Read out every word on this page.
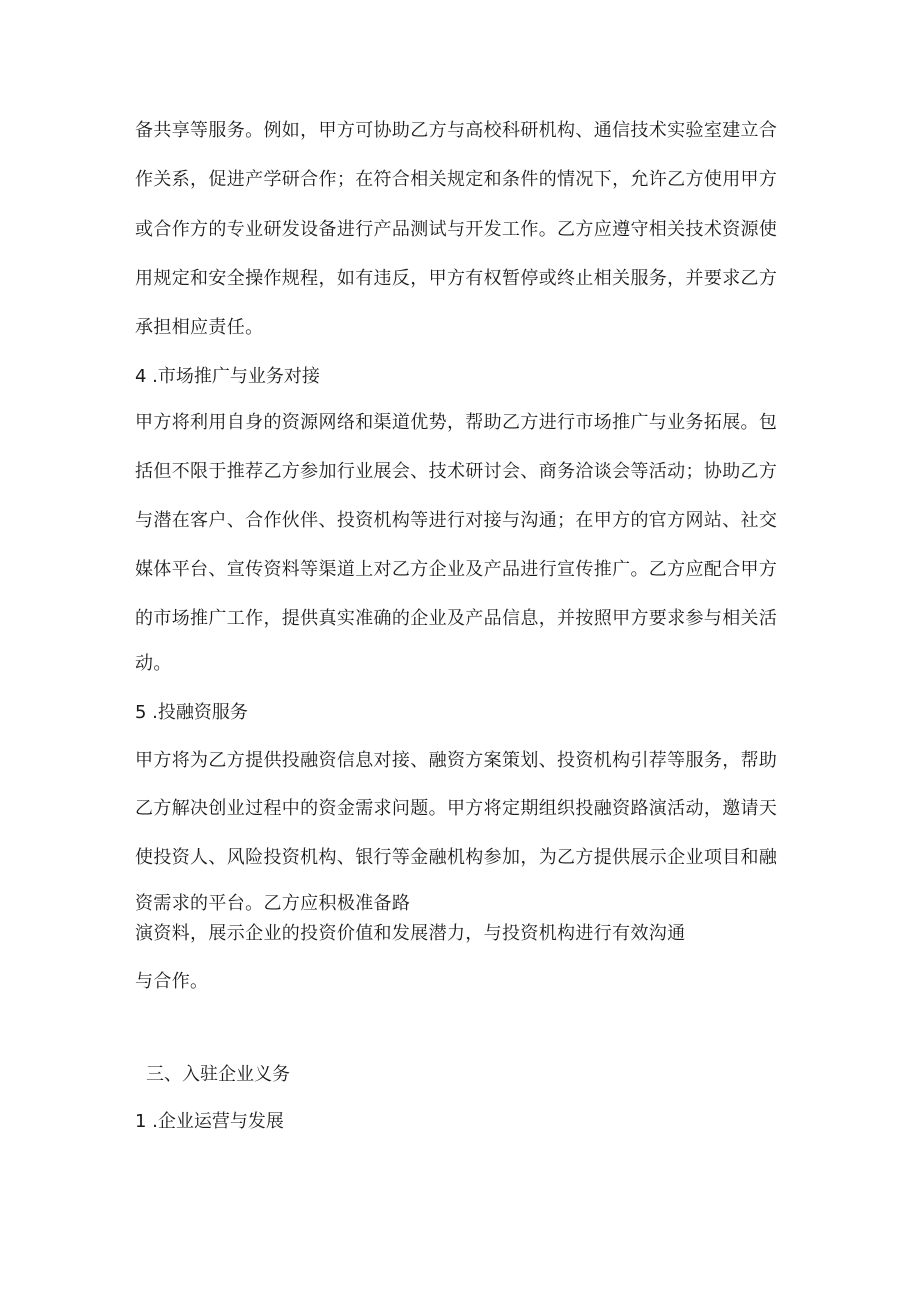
备共享等服务。例如，甲方可协助乙方与高校科研机构、通信技术实验室建立合
作关系，促进产学研合作；在符合相关规定和条件的情况下，允许乙方使用甲方
或合作方的专业研发设备进行产品测试与开发工作。乙方应遵守相关技术资源使
用规定和安全操作规程，如有违反，甲方有权暂停或终止相关服务，并要求乙方
承担相应责任。
4 .市场推广与业务对接
甲方将利用自身的资源网络和渠道优势，帮助乙方进行市场推广与业务拓展。包
括但不限于推荐乙方参加行业展会、技术研讨会、商务洽谈会等活动；协助乙方
与潜在客户、合作伙伴、投资机构等进行对接与沟通；在甲方的官方网站、社交
媒体平台、宣传资料等渠道上对乙方企业及产品进行宣传推广。乙方应配合甲方
的市场推广工作，提供真实准确的企业及产品信息，并按照甲方要求参与相关活
动。
5 .投融资服务
甲方将为乙方提供投融资信息对接、融资方案策划、投资机构引荐等服务，帮助
乙方解决创业过程中的资金需求问题。甲方将定期组织投融资路演活动，邀请天
使投资人、风险投资机构、银行等金融机构参加，为乙方提供展示企业项目和融
资需求的平台。乙方应积极准备路
演资料，展示企业的投资价值和发展潜力，与投资机构进行有效沟通
与合作。
三、入驻企业义务
1 .企业运营与发展
